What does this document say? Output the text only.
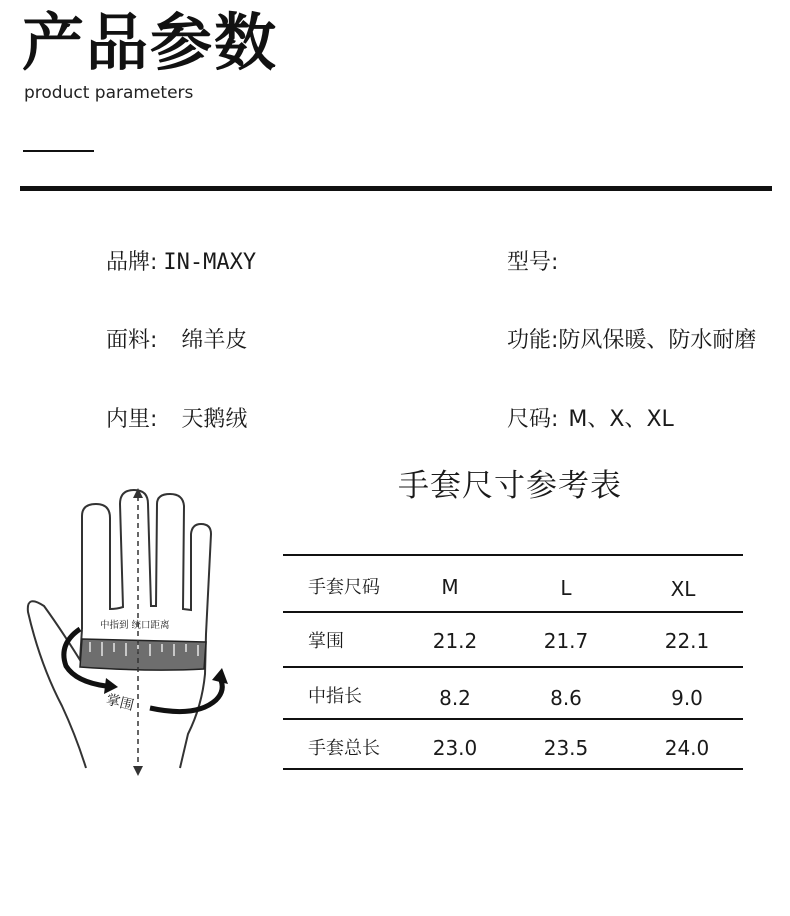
产品参数
product parameters

品牌: IN-MAXY	型号:

面料: 绵羊皮	功能:防风保暖、防水耐磨

内里: 天鹅绒	尺码: M、X、XL

手套尺寸参考表
中指到 统口距离
掌围
手套尺码	M	L	XL
掌围	21.2	21.7	22.1
中指长	8.2	8.6	9.0
手套总长	23.0	23.5	24.0
